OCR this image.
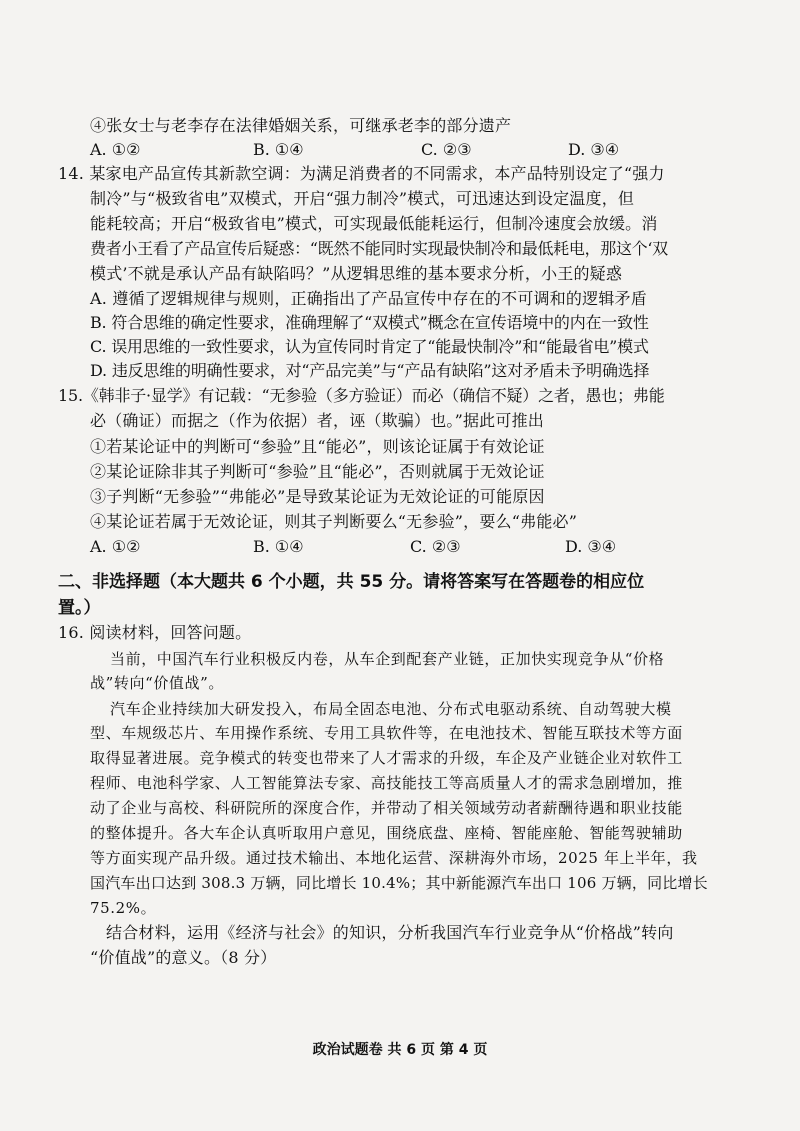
④张女士与老李存在法律婚姻关系，可继承老李的部分遗产
A. ①②	B. ①④	C. ②③	D. ③④
14. 某家电产品宣传其新款空调：为满足消费者的不同需求，本产品特别设定了“强力
制冷”与“极致省电”双模式，开启“强力制冷”模式，可迅速达到设定温度，但
能耗较高；开启“极致省电”模式，可实现最低能耗运行，但制冷速度会放缓。消
费者小王看了产品宣传后疑惑：“既然不能同时实现最快制冷和最低耗电，那这个‘双
模式’不就是承认产品有缺陷吗？”从逻辑思维的基本要求分析，小王的疑惑
A. 遵循了逻辑规律与规则，正确指出了产品宣传中存在的不可调和的逻辑矛盾
B. 符合思维的确定性要求，准确理解了“双模式”概念在宣传语境中的内在一致性
C. 误用思维的一致性要求，认为宣传同时肯定了“能最快制冷”和“能最省电”模式
D. 违反思维的明确性要求，对“产品完美”与“产品有缺陷”这对矛盾未予明确选择
15.《韩非子·显学》有记载：“无参验（多方验证）而必（确信不疑）之者，愚也；弗能
必（确证）而据之（作为依据）者，诬（欺骗）也。”据此可推出
①若某论证中的判断可“参验”且“能必”，则该论证属于有效论证
②某论证除非其子判断可“参验”且“能必”，否则就属于无效论证
③子判断“无参验”“弗能必”是导致某论证为无效论证的可能原因
④某论证若属于无效论证，则其子判断要么“无参验”，要么“弗能必”
A. ①②	B. ①④	C. ②③	D. ③④
二、非选择题（本大题共 6 个小题，共 55 分。请将答案写在答题卷的相应位
置。）
16. 阅读材料，回答问题。
当前，中国汽车行业积极反内卷，从车企到配套产业链，正加快实现竞争从“价格
战”转向“价值战”。
汽车企业持续加大研发投入，布局全固态电池、分布式电驱动系统、自动驾驶大模
型、车规级芯片、车用操作系统、专用工具软件等，在电池技术、智能互联技术等方面
取得显著进展。竞争模式的转变也带来了人才需求的升级，车企及产业链企业对软件工
程师、电池科学家、人工智能算法专家、高技能技工等高质量人才的需求急剧增加，推
动了企业与高校、科研院所的深度合作，并带动了相关领域劳动者薪酬待遇和职业技能
的整体提升。各大车企认真听取用户意见，围绕底盘、座椅、智能座舱、智能驾驶辅助
等方面实现产品升级。通过技术输出、本地化运营、深耕海外市场，2025 年上半年，我
国汽车出口达到 308.3 万辆，同比增长 10.4%；其中新能源汽车出口 106 万辆，同比增长
75.2%。
结合材料，运用《经济与社会》的知识，分析我国汽车行业竞争从“价格战”转向
“价值战”的意义。（8 分）
政治试题卷 共 6 页 第 4 页
